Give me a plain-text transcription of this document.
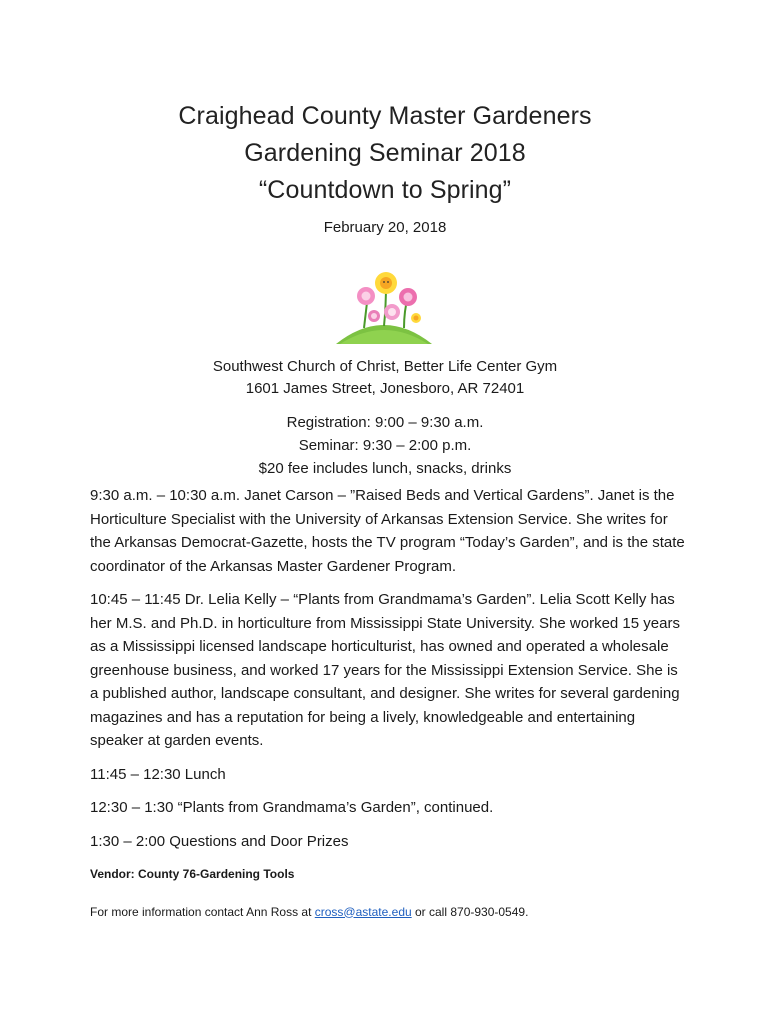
Craighead County Master Gardeners
Gardening Seminar 2018
“Countdown to Spring”
February 20, 2018
Southwest Church of Christ, Better Life Center Gym
1601 James Street, Jonesboro, AR 72401
Registration: 9:00 – 9:30 a.m.
Seminar: 9:30 – 2:00 p.m.
$20 fee includes lunch, snacks, drinks

9:30 a.m. – 10:30 a.m. Janet Carson – ”Raised Beds and Vertical Gardens”. Janet is the Horticulture Specialist with the University of Arkansas Extension Service. She writes for the Arkansas Democrat-Gazette, hosts the TV program “Today’s Garden”, and is the state coordinator of the Arkansas Master Gardener Program.

10:45 – 11:45 Dr. Lelia Kelly – “Plants from Grandmama’s Garden”. Lelia Scott Kelly has her M.S. and Ph.D. in horticulture from Mississippi State University. She worked 15 years as a Mississippi licensed landscape horticulturist, has owned and operated a wholesale greenhouse business, and worked 17 years for the Mississippi Extension Service. She is a published author, landscape consultant, and designer. She writes for several gardening magazines and has a reputation for being a lively, knowledgeable and entertaining speaker at garden events.

11:45 – 12:30 Lunch

12:30 – 1:30 “Plants from Grandmama’s Garden”, continued.

1:30 – 2:00 Questions and Door Prizes

Vendor: County 76-Gardening Tools
For more information contact Ann Ross at cross@astate.edu or call 870-930-0549.
